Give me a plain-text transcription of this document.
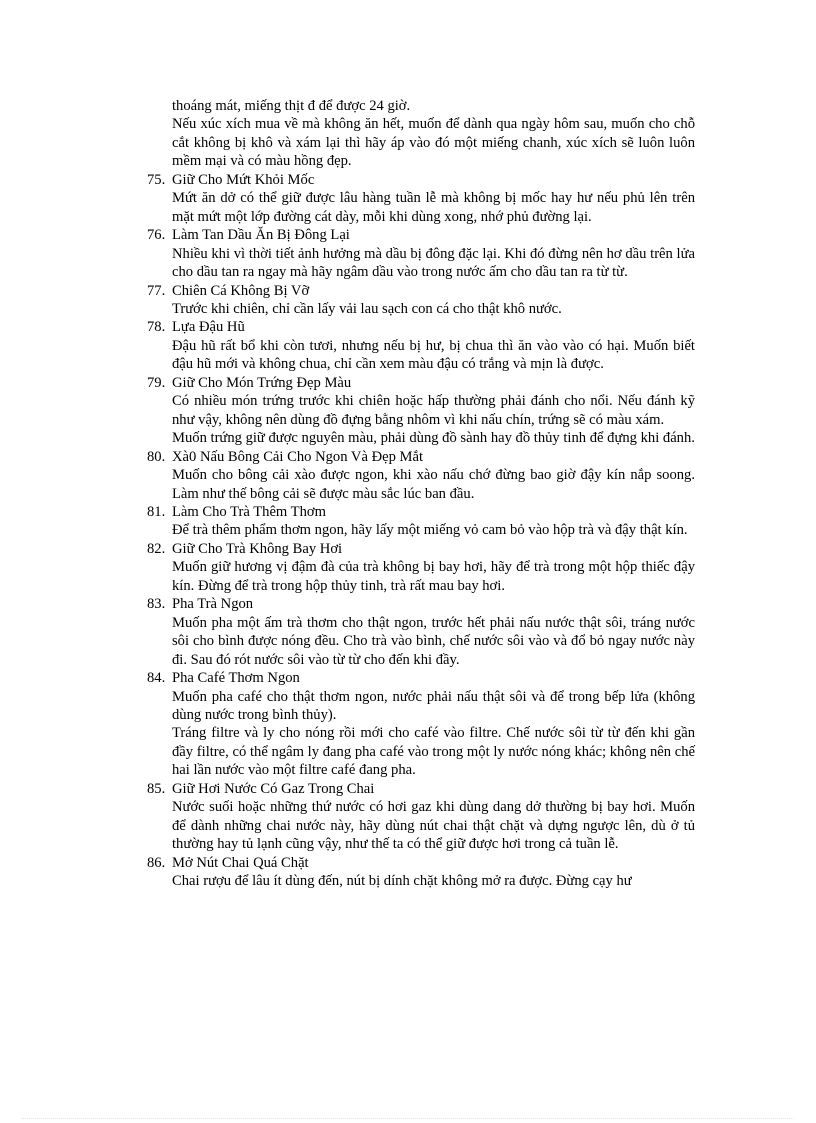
thoáng mát, miếng thịt đ để được 24 giờ.

Nếu xúc xích mua về mà không ăn hết, muốn để dành qua ngày hôm sau, muốn cho chỗ cắt không bị khô và xám lại thì hãy áp vào đó một miếng chanh, xúc xích sẽ luôn luôn mềm mại và có màu hồng đẹp.

75. Giữ Cho Mứt Khỏi Mốc

Mứt ăn dở có thể giữ được lâu hàng tuần lễ mà không bị mốc hay hư nếu phủ lên trên mặt mứt một lớp đường cát dày, mỗi khi dùng xong, nhớ phủ đường lại.

76. Làm Tan Dầu Ăn Bị Đông Lại

Nhiều khi vì thời tiết ảnh hưởng mà dầu bị đông đặc lại. Khi đó đừng nên hơ dầu trên lửa cho dầu tan ra ngay mà hãy ngâm dầu vào trong nước ấm cho dầu tan ra từ từ.

77. Chiên Cá Không Bị Vỡ

Trước khi chiên, chỉ cần lấy vải lau sạch con cá cho thật khô nước.

78. Lựa Đậu Hũ

Đậu hũ rất bổ khi còn tươi, nhưng nếu bị hư, bị chua thì ăn vào vào có hại. Muốn biết đậu hũ mới và không chua, chỉ cần xem màu đậu có trắng và mịn là được.

79. Giữ Cho Món Trứng Đẹp Màu

Có nhiều món trứng trước khi chiên hoặc hấp thường phải đánh cho nổi. Nếu đánh kỹ như vậy, không nên dùng đồ đựng bằng nhôm vì khi nấu chín, trứng sẽ có màu xám.

Muốn trứng giữ được nguyên màu, phải dùng đồ sành hay đồ thủy tinh để đựng khi đánh.

80. Xà0 Nấu Bông Cải Cho Ngon Và Đẹp Mắt

Muốn cho bông cải xào được ngon, khi xào nấu chớ đừng bao giờ đậy kín nắp soong. Làm như thế bông cải sẽ được màu sắc lúc ban đầu.

81. Làm Cho Trà Thêm Thơm

Để trà thêm phẩm thơm ngon, hãy lấy một miếng vỏ cam bỏ vào hộp trà và đậy thật kín.

82. Giữ Cho Trà Không Bay Hơi

Muốn giữ hương vị đậm đà của trà không bị bay hơi, hãy để trà trong một hộp thiếc đậy kín. Đừng để trà trong hộp thủy tinh, trà rất mau bay hơi.

83. Pha Trà Ngon

Muốn pha một ấm trà thơm cho thật ngon, trước hết phải nấu nước thật sôi, tráng nước sôi cho bình được nóng đều. Cho trà vào bình, chế nước sôi vào và đổ bỏ ngay nước này đi. Sau đó rót nước sôi vào từ từ cho đến khi đầy.

84. Pha Café Thơm Ngon

Muốn pha café cho thật thơm ngon, nước phải nấu thật sôi và để trong bếp lửa (không dùng nước trong bình thủy).

Tráng filtre và ly cho nóng rồi mới cho café vào filtre. Chế nước sôi từ từ đến khi gần đầy filtre, có thể ngâm ly đang pha café vào trong một ly nước nóng khác; không nên chế hai lần nước vào một filtre café đang pha.

85. Giữ Hơi Nước Có Gaz Trong Chai

Nước suối hoặc những thứ nước có hơi gaz khi dùng dang dở thường bị bay hơi. Muốn để dành những chai nước này, hãy dùng nút chai thật chặt và dựng ngược lên, dù ở tủ thường hay tủ lạnh cũng vậy, như thế ta có thể giữ được hơi trong cả tuần lễ.

86. Mở Nút Chai Quá Chặt

Chai rượu để lâu ít dùng đến, nút bị dính chặt không mở ra được. Đừng cạy hư
